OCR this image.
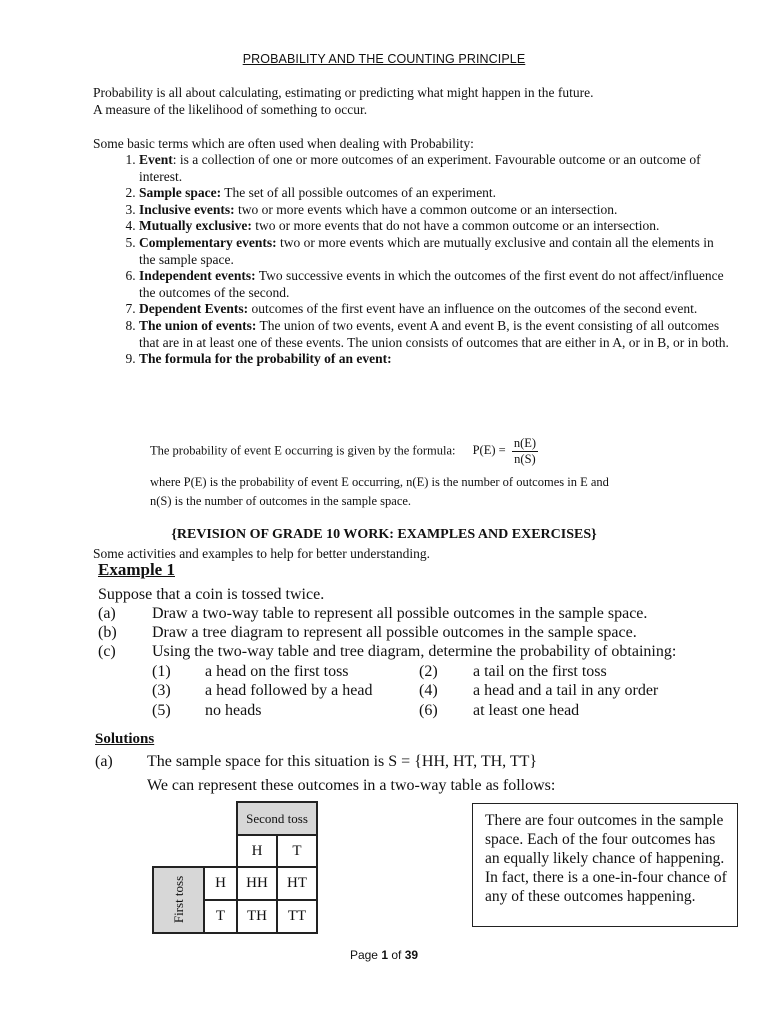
PROBABILITY AND THE COUNTING PRINCIPLE
Probability is all about calculating, estimating or predicting what might happen in the future.
A measure of the likelihood of something to occur.
Some basic terms which are often used when dealing with Probability:
1. Event: is a collection of one or more outcomes of an experiment. Favourable outcome or an outcome of interest.
2. Sample space: The set of all possible outcomes of an experiment.
3. Inclusive events: two or more events which have a common outcome or an intersection.
4. Mutually exclusive: two or more events that do not have a common outcome or an intersection.
5. Complementary events: two or more events which are mutually exclusive and contain all the elements in the sample space.
6. Independent events: Two successive events in which the outcomes of the first event do not affect/influence the outcomes of the second.
7. Dependent Events: outcomes of the first event have an influence on the outcomes of the second event.
8. The union of events: The union of two events, event A and event B, is the event consisting of all outcomes that are in at least one of these events. The union consists of outcomes that are either in A, or in B, or in both.
9. The formula for the probability of an event:
The probability of event E occurring is given by the formula: $P(E) = \frac{n(E)}{n(S)}$
where P(E) is the probability of event E occurring, n(E) is the number of outcomes in E and
n(S) is the number of outcomes in the sample space.
{REVISION OF GRADE 10 WORK: EXAMPLES AND EXERCISES}
Some activities and examples to help for better understanding.
Example 1
Suppose that a coin is tossed twice.
(a) Draw a two-way table to represent all possible outcomes in the sample space.
(b) Draw a tree diagram to represent all possible outcomes in the sample space.
(c) Using the two-way table and tree diagram, determine the probability of obtaining:
(1) a head on the first toss	(2) a tail on the first toss
(3) a head followed by a head	(4) a head and a tail in any order
(5) no heads	(6) at least one head
Solutions
(a) The sample space for this situation is S = {HH, HT, TH, TT}
We can represent these outcomes in a two-way table as follows:
		Second toss	
		H	T
First toss	H	HH	HT
	T	TH	TT
There are four outcomes in the sample space. Each of the four outcomes has an equally likely chance of happening. In fact, there is a one-in-four chance of any of these outcomes happening.
Page 1 of 39
